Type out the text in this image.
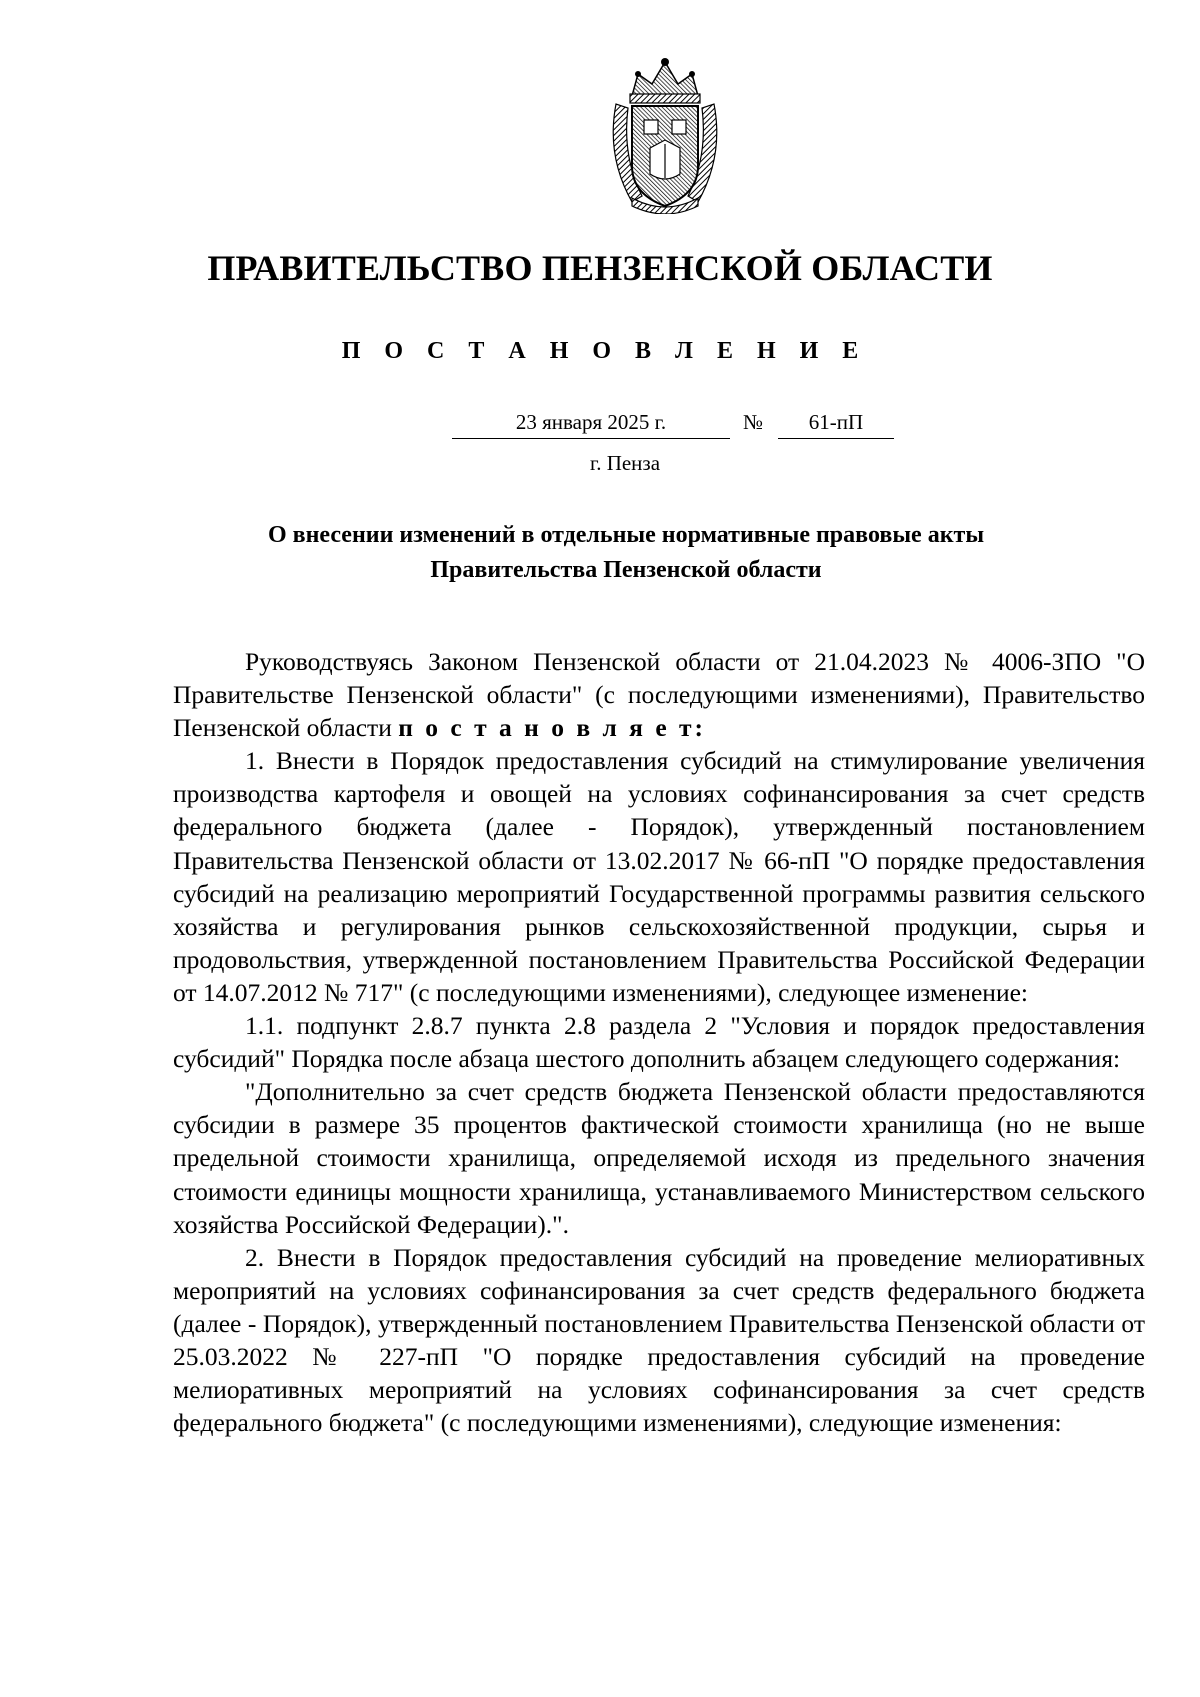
ПРАВИТЕЛЬСТВО ПЕНЗЕНСКОЙ ОБЛАСТИ
П О С Т А Н О В Л Е Н И Е
23 января 2025 г.	№	61-пП
г. Пенза
О внесении изменений в отдельные нормативные правовые акты
Правительства Пензенской области

Руководствуясь Законом Пензенской области от 21.04.2023 № 4006-ЗПО "О Правительстве Пензенской области" (с последующими изменениями), Правительство Пензенской области п о с т а н о в л я е т:

1. Внести в Порядок предоставления субсидий на стимулирование увеличения производства картофеля и овощей на условиях софинансирования за счет средств федерального бюджета (далее - Порядок), утвержденный постановлением Правительства Пензенской области от 13.02.2017 № 66-пП "О порядке предоставления субсидий на реализацию мероприятий Государственной программы развития сельского хозяйства и регулирования рынков сельскохозяйственной продукции, сырья и продовольствия, утвержденной постановлением Правительства Российской Федерации от 14.07.2012 № 717" (с последующими изменениями), следующее изменение:

1.1. подпункт 2.8.7 пункта 2.8 раздела 2 "Условия и порядок предоставления субсидий" Порядка после абзаца шестого дополнить абзацем следующего содержания:

"Дополнительно за счет средств бюджета Пензенской области предоставляются субсидии в размере 35 процентов фактической стоимости хранилища (но не выше предельной стоимости хранилища, определяемой исходя из предельного значения стоимости единицы мощности хранилища, устанавливаемого Министерством сельского хозяйства Российской Федерации).".

2. Внести в Порядок предоставления субсидий на проведение мелиоративных мероприятий на условиях софинансирования за счет средств федерального бюджета (далее - Порядок), утвержденный постановлением Правительства Пензенской области от 25.03.2022 № 227-пП "О порядке предоставления субсидий на проведение мелиоративных мероприятий на условиях софинансирования за счет средств федерального бюджета" (с последующими изменениями), следующие изменения:
